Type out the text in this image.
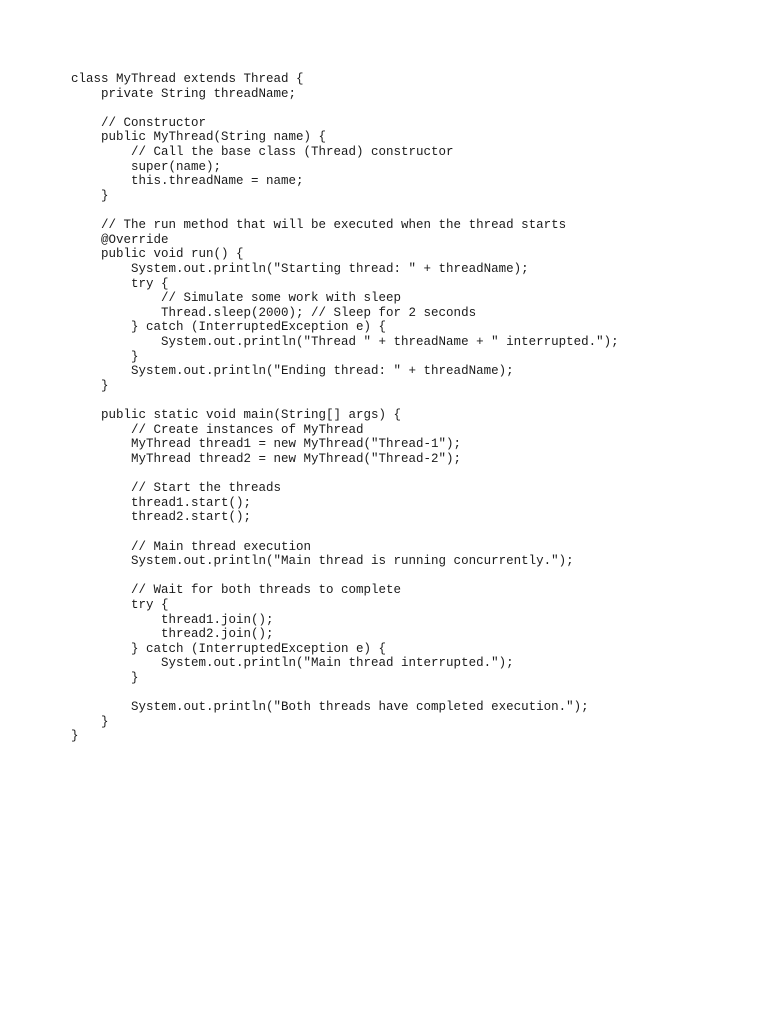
class MyThread extends Thread {
private String threadName;
// Constructor
public MyThread(String name) {
// Call the base class (Thread) constructor
super(name);
this.threadName = name;
}
// The run method that will be executed when the thread starts
@Override
public void run() {
System.out.println("Starting thread: " + threadName);
try {
// Simulate some work with sleep
Thread.sleep(2000); // Sleep for 2 seconds
} catch (InterruptedException e) {
System.out.println("Thread " + threadName + " interrupted.");
}
System.out.println("Ending thread: " + threadName);
}
public static void main(String[] args) {
// Create instances of MyThread
MyThread thread1 = new MyThread("Thread-1");
MyThread thread2 = new MyThread("Thread-2");
// Start the threads
thread1.start();
thread2.start();
// Main thread execution
System.out.println("Main thread is running concurrently.");
// Wait for both threads to complete
try {
thread1.join();
thread2.join();
} catch (InterruptedException e) {
System.out.println("Main thread interrupted.");
}
System.out.println("Both threads have completed execution.");
}
}
